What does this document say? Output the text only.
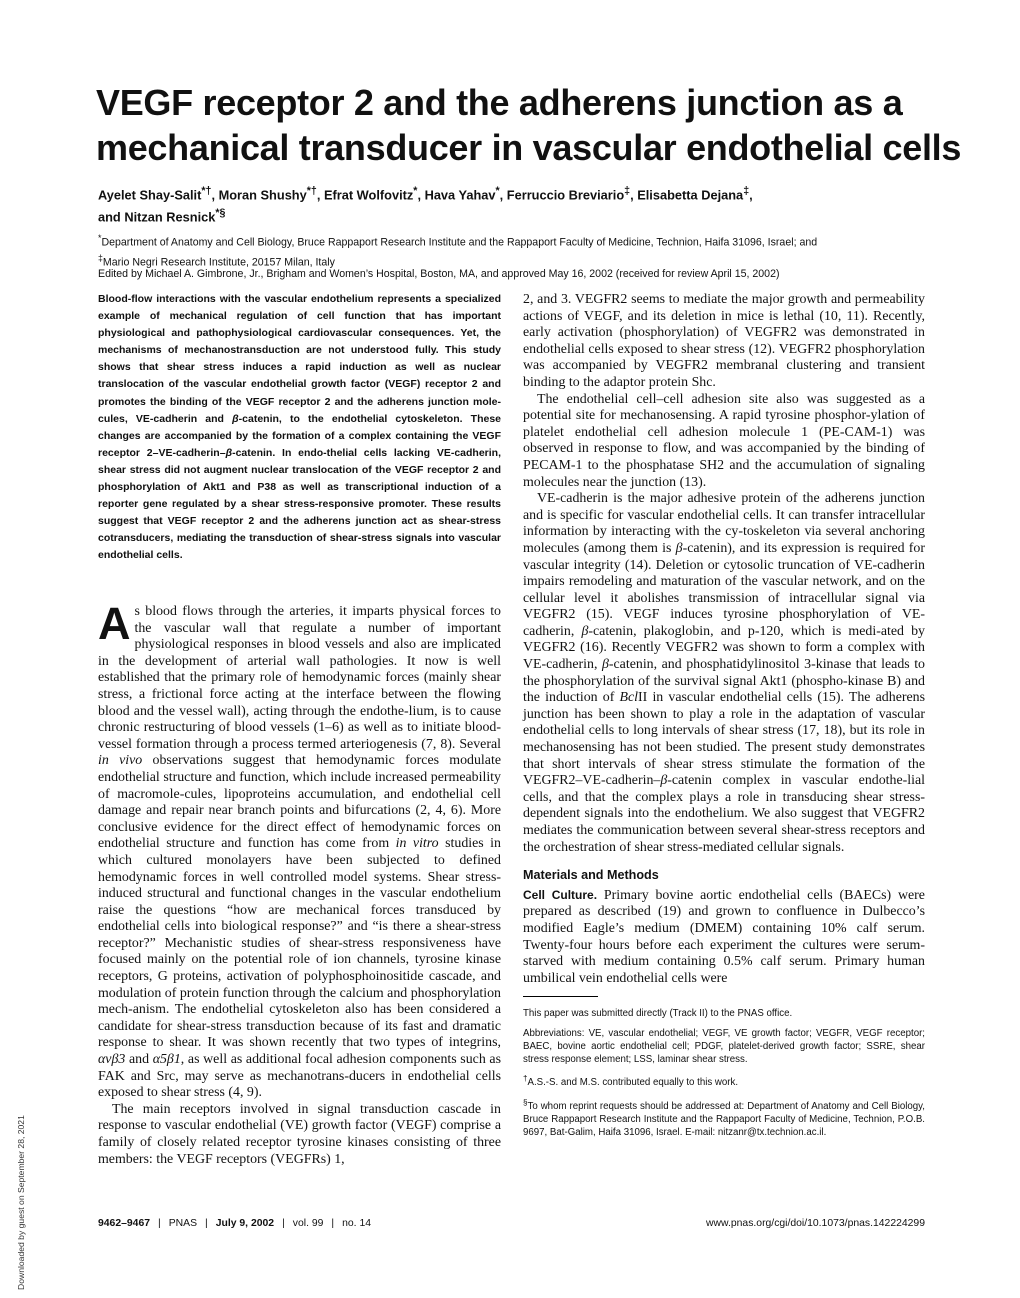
VEGF receptor 2 and the adherens junction as a
mechanical transducer in vascular endothelial cells
Ayelet Shay-Salit*†, Moran Shushy*†, Efrat Wolfovitz*, Hava Yahav*, Ferruccio Breviario‡, Elisabetta Dejana‡,
and Nitzan Resnick*§
*Department of Anatomy and Cell Biology, Bruce Rappaport Research Institute and the Rappaport Faculty of Medicine, Technion, Haifa 31096, Israel; and
‡Mario Negri Research Institute, 20157 Milan, Italy
Edited by Michael A. Gimbrone, Jr., Brigham and Women’s Hospital, Boston, MA, and approved May 16, 2002 (received for review April 15, 2002)
Blood-flow interactions with the vascular endothelium represents a specialized example of mechanical regulation of cell function that has important physiological and pathophysiological cardiovascular consequences. Yet, the mechanisms of mechanostransduction are not understood fully. This study shows that shear stress induces a rapid induction as well as nuclear translocation of the vascular endothelial growth factor (VEGF) receptor 2 and promotes the binding of the VEGF receptor 2 and the adherens junction mole-cules, VE-cadherin and β-catenin, to the endothelial cytoskeleton. These changes are accompanied by the formation of a complex containing the VEGF receptor 2–VE-cadherin–β-catenin. In endo-thelial cells lacking VE-cadherin, shear stress did not augment nuclear translocation of the VEGF receptor 2 and phosphorylation of Akt1 and P38 as well as transcriptional induction of a reporter gene regulated by a shear stress-responsive promoter. These results suggest that VEGF receptor 2 and the adherens junction act as shear-stress cotransducers, mediating the transduction of shear-stress signals into vascular endothelial cells.

As blood flows through the arteries, it imparts physical forces to the vascular wall that regulate a number of important physiological responses in blood vessels and also are implicated in the development of arterial wall pathologies. It now is well established that the primary role of hemodynamic forces (mainly shear stress, a frictional force acting at the interface between the flowing blood and the vessel wall), acting through the endothe-lium, is to cause chronic restructuring of blood vessels (1–6) as well as to initiate blood-vessel formation through a process termed arteriogenesis (7, 8). Several in vivo observations suggest that hemodynamic forces modulate endothelial structure and function, which include increased permeability of macromole-cules, lipoproteins accumulation, and endothelial cell damage and repair near branch points and bifurcations (2, 4, 6). More conclusive evidence for the direct effect of hemodynamic forces on endothelial structure and function has come from in vitro studies in which cultured monolayers have been subjected to defined hemodynamic forces in well controlled model systems. Shear stress-induced structural and functional changes in the vascular endothelium raise the questions “how are mechanical forces transduced by endothelial cells into biological response?” and “is there a shear-stress receptor?” Mechanistic studies of shear-stress responsiveness have focused mainly on the potential role of ion channels, tyrosine kinase receptors, G proteins, activation of polyphosphoinositide cascade, and modulation of protein function through the calcium and phosphorylation mech-anism. The endothelial cytoskeleton also has been considered a candidate for shear-stress transduction because of its fast and dramatic response to shear. It was shown recently that two types of integrins, αvβ3 and α5β1, as well as additional focal adhesion components such as FAK and Src, may serve as mechanotrans-ducers in endothelial cells exposed to shear stress (4, 9).

The main receptors involved in signal transduction cascade in response to vascular endothelial (VE) growth factor (VEGF) comprise a family of closely related receptor tyrosine kinases consisting of three members: the VEGF receptors (VEGFRs) 1,

2, and 3. VEGFR2 seems to mediate the major growth and permeability actions of VEGF, and its deletion in mice is lethal (10, 11). Recently, early activation (phosphorylation) of VEGFR2 was demonstrated in endothelial cells exposed to shear stress (12). VEGFR2 phosphorylation was accompanied by VEGFR2 membranal clustering and transient binding to the adaptor protein Shc.

The endothelial cell–cell adhesion site also was suggested as a potential site for mechanosensing. A rapid tyrosine phosphor-ylation of platelet endothelial cell adhesion molecule 1 (PE-CAM-1) was observed in response to flow, and was accompanied by the binding of PECAM-1 to the phosphatase SH2 and the accumulation of signaling molecules near the junction (13).

VE-cadherin is the major adhesive protein of the adherens junction and is specific for vascular endothelial cells. It can transfer intracellular information by interacting with the cy-toskeleton via several anchoring molecules (among them is β-catenin), and its expression is required for vascular integrity (14). Deletion or cytosolic truncation of VE-cadherin impairs remodeling and maturation of the vascular network, and on the cellular level it abolishes transmission of intracellular signal via VEGFR2 (15). VEGF induces tyrosine phosphorylation of VE-cadherin, β-catenin, plakoglobin, and p-120, which is medi-ated by VEGFR2 (16). Recently VEGFR2 was shown to form a complex with VE-cadherin, β-catenin, and phosphatidylinositol 3-kinase that leads to the phosphorylation of the survival signal Akt1 (phospho-kinase B) and the induction of BclII in vascular endothelial cells (15). The adherens junction has been shown to play a role in the adaptation of vascular endothelial cells to long intervals of shear stress (17, 18), but its role in mechanosensing has not been studied. The present study demonstrates that short intervals of shear stress stimulate the formation of the VEGFR2–VE-cadherin–β-catenin complex in vascular endothe-lial cells, and that the complex plays a role in transducing shear stress-dependent signals into the endothelium. We also suggest that VEGFR2 mediates the communication between several shear-stress receptors and the orchestration of shear stress-mediated cellular signals.

Materials and Methods

Cell Culture. Primary bovine aortic endothelial cells (BAECs) were prepared as described (19) and grown to confluence in Dulbecco’s modified Eagle’s medium (DMEM) containing 10% calf serum. Twenty-four hours before each experiment the cultures were serum-starved with medium containing 0.5% calf serum. Primary human umbilical vein endothelial cells were

This paper was submitted directly (Track II) to the PNAS office.

Abbreviations: VE, vascular endothelial; VEGF, VE growth factor; VEGFR, VEGF receptor; BAEC, bovine aortic endothelial cell; PDGF, platelet-derived growth factor; SSRE, shear stress response element; LSS, laminar shear stress.

†A.S.-S. and M.S. contributed equally to this work.

§To whom reprint requests should be addressed at: Department of Anatomy and Cell Biology, Bruce Rappaport Research Institute and the Rappaport Faculty of Medicine, Technion, P.O.B. 9697, Bat-Galim, Haifa 31096, Israel. E-mail: nitzanr@tx.technion.ac.il.

9462–9467 | PNAS | July 9, 2002 | vol. 99 | no. 14	www.pnas.org/cgi/doi/10.1073/pnas.142224299
Downloaded by guest on September 28, 2021
